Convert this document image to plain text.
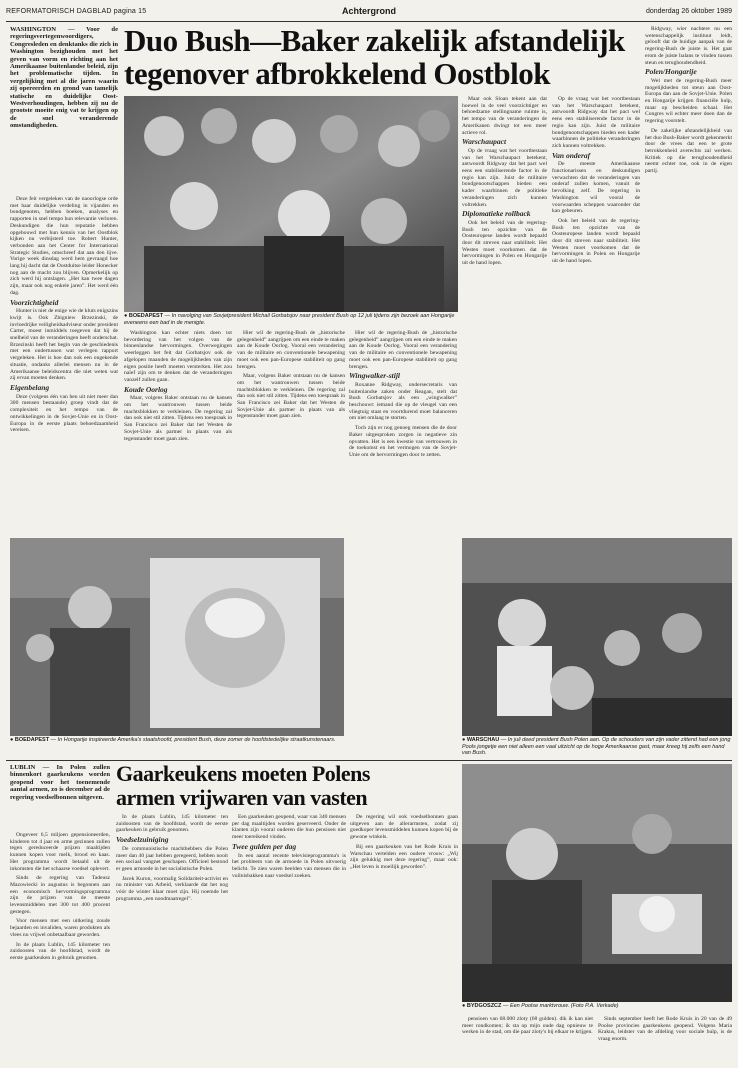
REFORMATORISCH DAGBLAD pagina 15	Achtergrond	donderdag 26 oktober 1989
WASHINGTON — Voor de regeringsvertegenwoordigers, Congresleden en denktanks die zich in Washington bezighouden met het geven van vorm en richting aan het Amerikaanse buitenlandse beleid, zijn het problematische tijden. In vergelijking met al die jaren waarin zij opereerden en grond van tamelijk statische en duidelijke Oost-Westverhoudingen, hebben zij nu de grootste moeite enig vat te krijgen op de snel veranderende omstandigheden.
Duo Bush—Baker zakelijk afstandelijk
tegenover afbrokkelend Oostblok
● BOEDAPEST — In navolging van Sovjetpresident Michail Gorbatsjov naar president Bush op 12 juli tijdens zijn bezoek aan Hongarije eveneens een bad in de menigte.

Deze feit vergeleken van de naoorlogse orde met haar duidelijke verdeling in vijanden en bondgenoten, hebben boeken, analyses en rapporten in snel tempo hun relevantie verloren. Deskundigen die hun reputatie hebben opgebouwd met hun kennis van het Oostblok kijken nu verbijsterd toe. Robert Hunter, verbonden aan het Center for International Strategic Studies, omschreef dat aan den lijve. Vorige week dinsdag werd hem gevraagd hoe lang hij dacht dat de Oostduitse leider Honecker nog aan de macht zou blijven. Opmerkelijk op zich werd hij ontslagen. „Het kan twee dagen zijn, maar ook nog enkele jaren”. Het werd één dag.

Voorzichtigheid

Hunter is niet de enige wie de kluts enigszins kwijt is. Ook Zbigniew Brzezinski, de invloedrijke veiligheidsadviseur onder president Carter, moest inmiddels toegeven dat hij de snelheid van de veranderingen heeft onderschat. Brzezinski heeft het begin van de geschiedenis met een ondertussen wat verlegen rapport vergeleken. Het is hoe dan ook een ongekende situatie, ondanks allerlei mensen nu in de Amerikaanse beleidscentra die niet weten wat zij ervan moeten denken.

Eigenbelang

Deze (volgens één van hen uit niet meer dan 300 mensen bestaande) groep vindt dat de complexiteit en het tempo van de ontwikkelingen in de Sovjet-Unie en in Oost-Europa in de eerste plaats behoedzaamheid vereisen.

Washington kan echter niets doen tot bevordering van het volgen van de binnenlandse hervormingen. Overwegingen weerleggen het feit dat Gorbatsjov ook de afgelopen maanden de mogelijkheden van zijn eigen positie heeft moeten versterken. Het zou naïef zijn om te denken dat de veranderingen vanzelf zullen gaan.

Koude Oorlog

Maar, volgens Baker ontstaan nu de kansen om het wantrouwen tussen beide machtsblokken te verkleinen. De regering zal dan ook niet stil zitten. Tijdens een toespraak in San Francisco zei Baker dat het Westen de Sovjet-Unie als partner in plaats van als tegenstander moet gaan zien.

Hier wil de regering-Bush de „historische gelegenheid” aangrijpen om een einde te maken aan de Koude Oorlog. Vooral een verandering van de militaire en conventionele bewapening moet ook een pan-Europese stabiliteit op gang brengen.

Maar, volgens Baker ontstaan nu de kansen om het wantrouwen tussen beide machtsblokken te verkleinen. De regering zal dan ook niet stil zitten. Tijdens een toespraak in San Francisco zei Baker dat het Westen de Sovjet-Unie als partner in plaats van als tegenstander moet gaan zien.

Hier wil de regering-Bush de „historische gelegenheid” aangrijpen om een einde te maken aan de Koude Oorlog. Vooral een verandering van de militaire en conventionele bewapening moet ook een pan-Europese stabiliteit op gang brengen.

Wingwalker-stijl

Roxanne Ridgway, ondersecretaris van buitenlandse zaken onder Reagan, stelt dat Bush Gorbatsjov als een „wingwalker” beschouwt: iemand die op de vleugel van een vliegtuig staat en voortdurend moet balanceren om niet omlaag te storten.

Toch zijn er nog genoeg mensen die de door Baker uitgesproken zorgen in negatieve zin opvatten. Het is een kwestie van vertrouwen in de toekomst en het vermogen van de Sovjet-Unie om de hervormingen door te zetten.

Maar ook Sloan tekent aan dat hoewel in de veel voorzichtiger en behoedzame stellingname ruimte is, het tempo van de veranderingen de Amerikanen dwingt tot een meer actieve rol.

Warschaupact

Op de vraag wat het voortbestaan van het Warschaupact betekent, antwoordt Ridgway dat het pact wel eens een stabiliserende factor in de regio kan zijn. Juist de militaire bondgenootschappen bieden een kader waarbinnen de politieke veranderingen zich kunnen voltrekken.

Diplomatieke rollback

Ook het beleid van de regering-Bush ten opzichte van de Oosteuropese landen wordt bepaald door dit streven naar stabiliteit. Het Westen moet voorkomen dat de hervormingen in Polen en Hongarije uit de hand lopen.

Op de vraag wat het voortbestaan van het Warschaupact betekent, antwoordt Ridgway dat het pact wel eens een stabiliserende factor in de regio kan zijn. Juist de militaire bondgenootschappen bieden een kader waarbinnen de politieke veranderingen zich kunnen voltrekken.

Van onderaf

De meeste Amerikaanse functionarissen en deskundigen verwachten dat de veranderingen van onderaf zullen komen, vanuit de bevolking zelf. De regering in Washington wil vooral de voorwaarden scheppen waaronder dat kan gebeuren.

Ook het beleid van de regering-Bush ten opzichte van de Oosteuropese landen wordt bepaald door dit streven naar stabiliteit. Het Westen moet voorkomen dat de hervormingen in Polen en Hongarije uit de hand lopen.

Ridgway, wier nachtere nu een wetenschappelijk instituut leidt, gelooft dat de huidige aanpak van de regering-Bush de juiste is. Het gaat erom de juiste balans te vinden tussen steun en terughoudendheid.

Polen/Hongarije

Wel met de regering-Bush meer mogelijkheden tot steun aan Oost-Europa dan aan de Sovjet-Unie. Polen en Hongarije krijgen financiële hulp, maar op bescheiden schaal. Het Congres wil echter meer doen dan de regering voorstelt.

De zakelijke afstandelijkheid van het duo Bush-Baker wordt gekenmerkt door de vrees dat een te grote betrokkenheid averechts zal werken. Kritiek op die terughoudendheid neemt echter toe, ook in de eigen partij.

● BOEDAPEST — In Hongarije inspireerde Amerika's staatshoofd, president Bush, deze zomer de hoofdstedelijke straatkunstenaars.	● WARSCHAU — In juli deed president Bush Polen aan. Op de schouders van zijn vader zittend had een jong Pools jongetje een niet alleen een vaal uitzicht op de hoge Amerikaanse gast, maar kreeg hij zelfs een hand van Bush.
LUBLIN — In Polen zullen binnenkort gaarkeukens worden geopend voor het toenemende aantal armen, zo is december ad de regering voedselbonnen uitgeven.
Gaarkeukens moeten Polens
armen vrijwaren van vasten

Ongeveer 6,5 miljoen gepensioneerden, kinderen tot 4 jaar en arme gezinnen zullen tegen gereduceerde prijzen maaltijden kunnen kopen voor melk, brood en kaas. Het programma wordt betaald uit de inkomsten die het schaarse voedsel oplevert.

Sinds de regering van Tadeusz Mazowiecki in augustus is begonnen aan een economisch hervormingsprogramma zijn de prijzen van de meeste levensmiddelen met 300 tot 400 procent gestegen.

Voor mensen met een uitkering zoude bejaarden en invaliden, waren produkten als vlees nu vrijwel onbetaalbaar geworden.

In de plaats Lublin, 145 kilometer ten zuidoosten van de hoofdstad, wordt de eerste gaarkeuken in gebruik genomen.

In de plaats Lublin, 145 kilometer ten zuidoosten van de hoofdstad, wordt de eerste gaarkeuken in gebruik genomen.

Voedselzuiniging

De communistische machthebbers die Polen meer dan 40 jaar hebben geregeerd, hebben nooit een sociaal vangnet geschapen. Officieel bestond er geen armoede in het socialistische Polen.

Jacek Kuron, voormalig Solidariteit-activist en nu minister van Arbeid, verklaarde dat het nog vóór de winter klaar moet zijn. Hij noemde het programma „een noodmaatregel”.

Een gaarkeuken geopend, waar van 340 mensen per dag maaltijden worden geserveerd. Onder de klanten zijn vooral ouderen die hun pensioen niet meer toereikend vinden.

Twee gulden per dag

In een aantal recente televisieprogramma's is het probleem van de armoede in Polen uitvoerig belicht. Te zien waren beelden van mensen die in vuilnisbakken naar voedsel zoeken.

De regering wil ook voedselbonnen gaan uitgeven aan de allerarmsten, zodat zij goedkoper levensmiddelen kunnen kopen bij de gewone winkels.

Bij een gaarkeuken van het Rode Kruis in Warschau vertelden een oudere vrouw: „Wij zijn gelukkig met deze regering”, maar ook: „Het leven is moeilijk geworden”.

● BYDGOSZCZ — Een Poolse marktvrouw. (Foto P.A. Verkade)

pensioen van 68.000 zloty (68 gulden). dik ik kan niet meer rondkomen; ik sta op mijn oude dag opnieuw te werken in de stad, om die paar zloty's bij elkaar te krijgen.

Sinds september heeft het Rode Kruis in 20 van de 49 Poolse provincies gaarkeukens geopend. Volgens Maria Krakus, leidster van de afdeling voor sociale hulp, is de vraag enorm.
